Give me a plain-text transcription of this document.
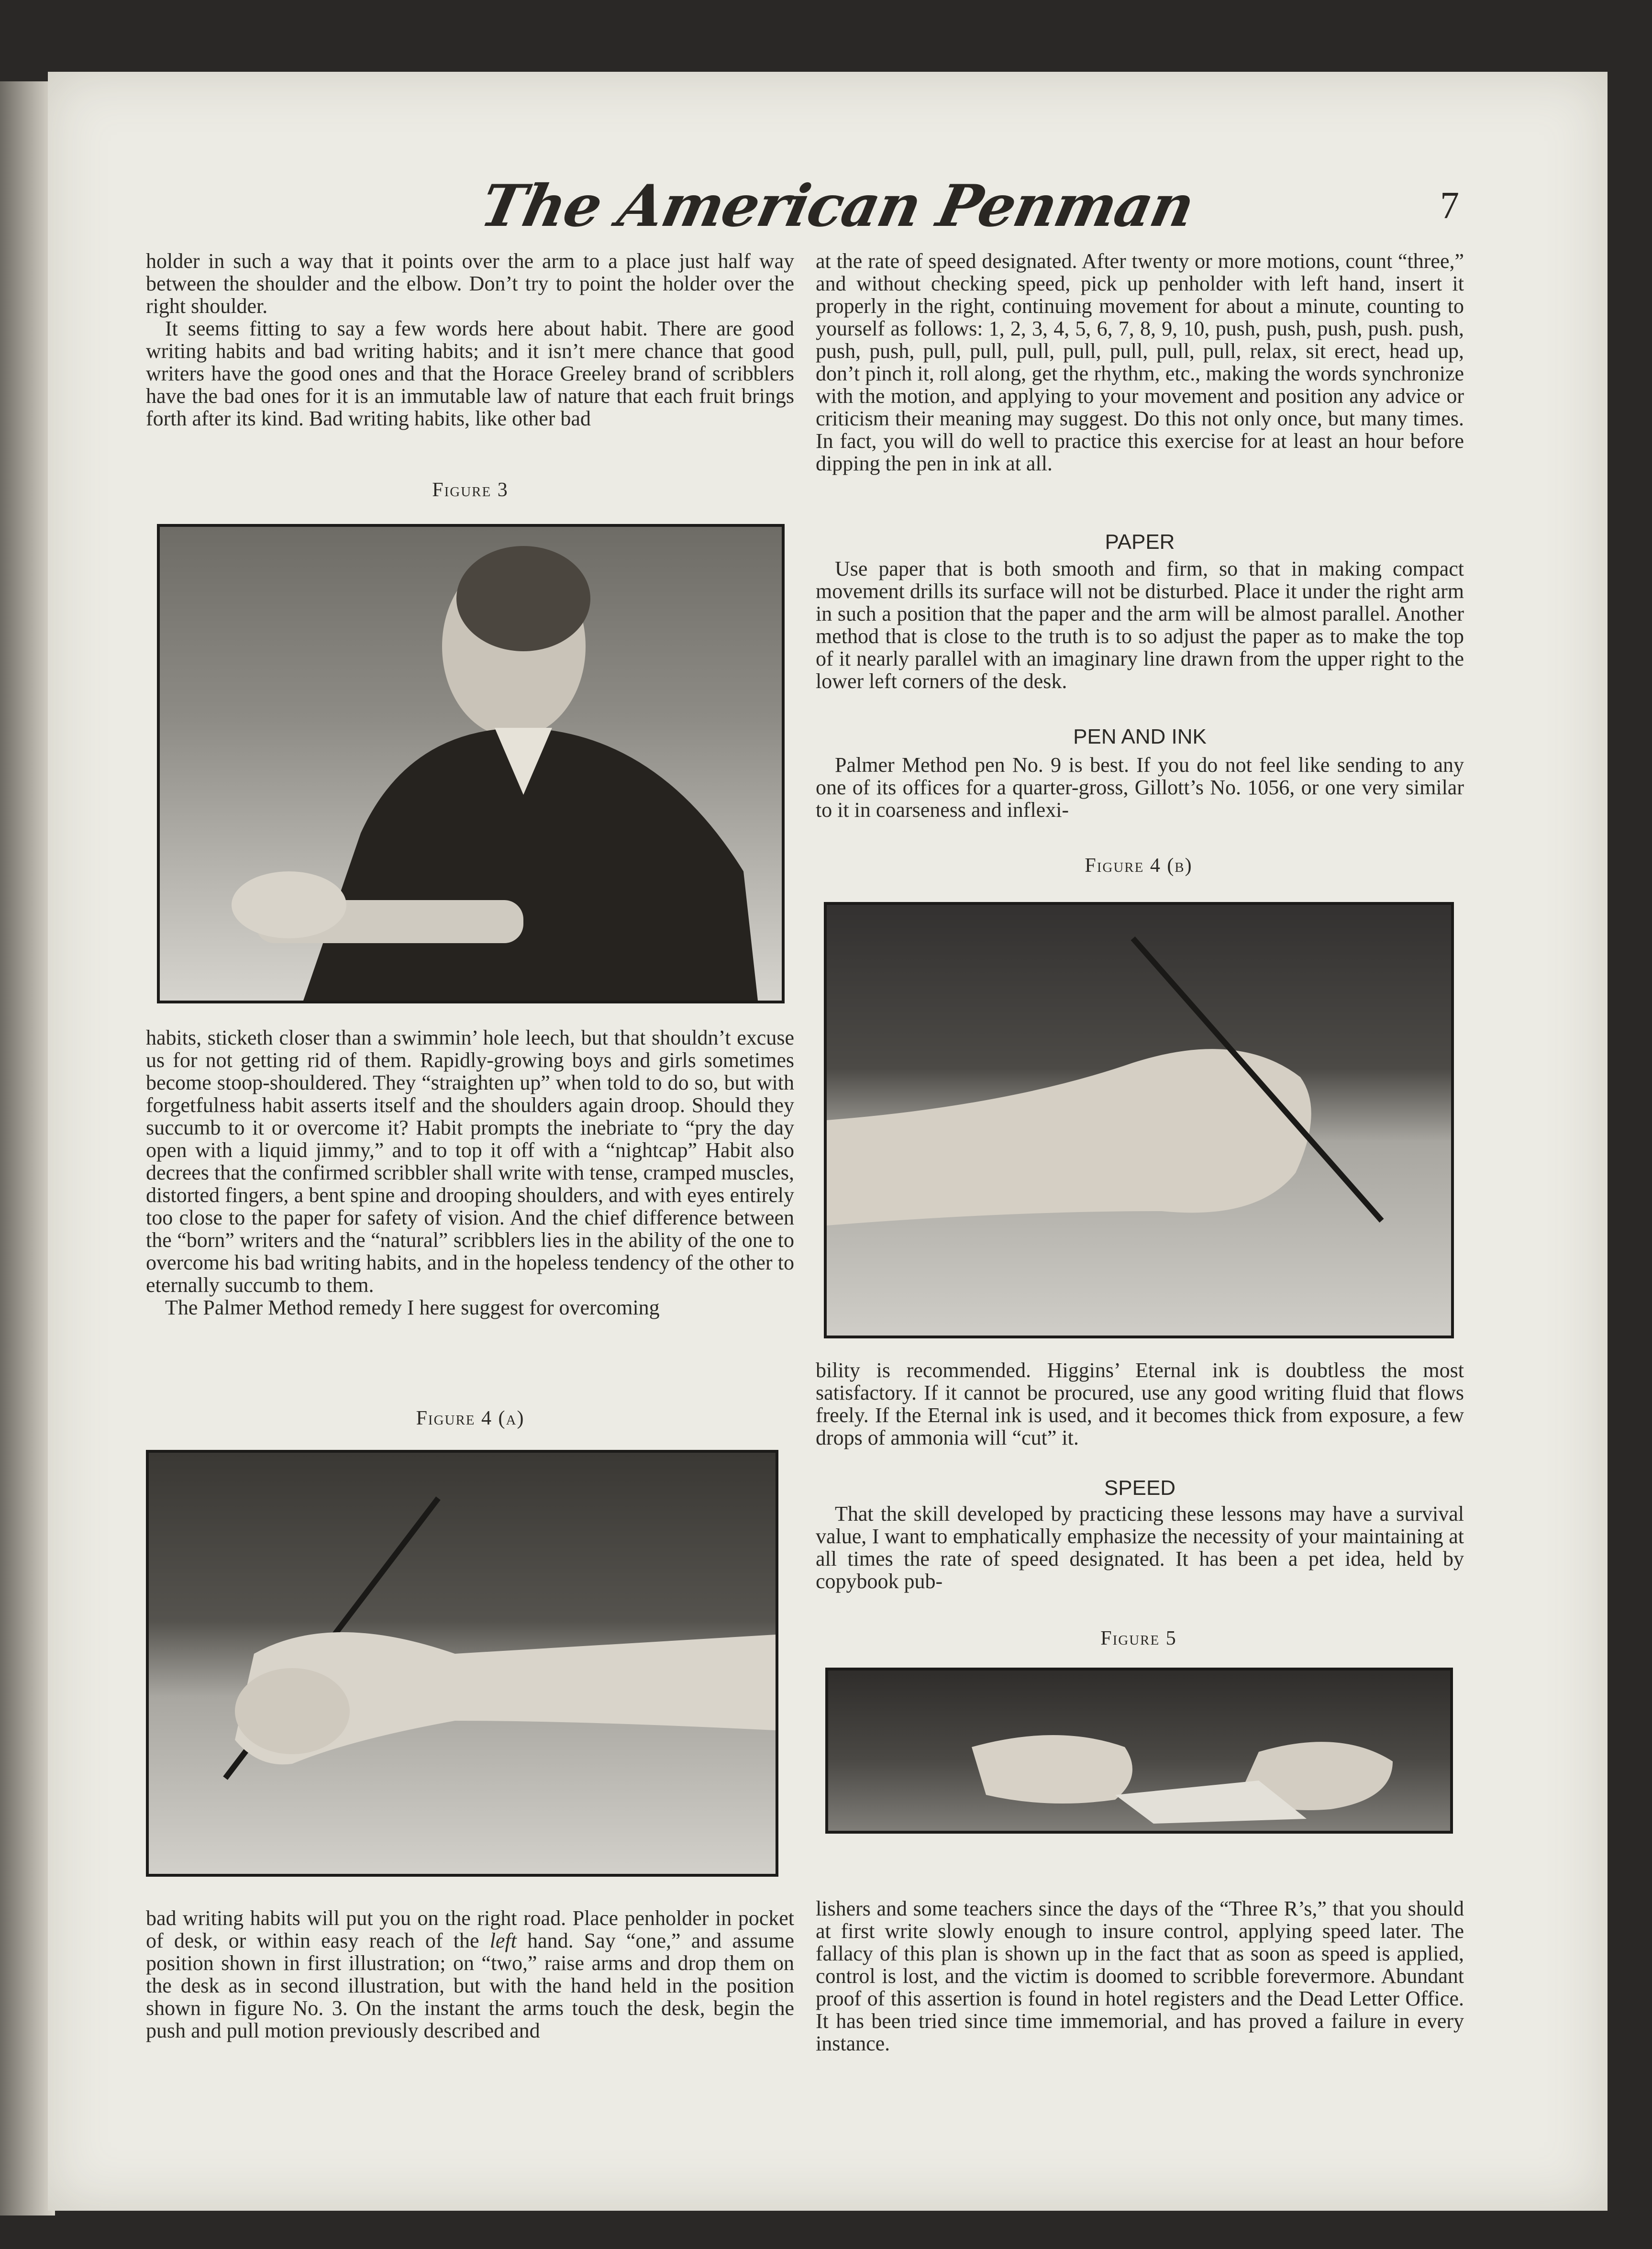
The American Penman	7

holder in such a way that it points over the arm to a place just half way between the shoulder and the elbow. Don’t try to point the holder over the right shoulder.

It seems fitting to say a few words here about habit. There are good writing habits and bad writing habits; and it isn’t mere chance that good writers have the good ones and that the Horace Greeley brand of scribblers have the bad ones for it is an immutable law of nature that each fruit brings forth after its kind. Bad writing habits, like other bad

Figure 3

habits, sticketh closer than a swimmin’ hole leech, but that shouldn’t excuse us for not getting rid of them. Rapidly-growing boys and girls sometimes become stoop-shouldered. They “straighten up” when told to do so, but with forgetfulness habit asserts itself and the shoulders again droop. Should they succumb to it or overcome it? Habit prompts the inebriate to “pry the day open with a liquid jimmy,” and to top it off with a “nightcap” Habit also decrees that the confirmed scribbler shall write with tense, cramped muscles, distorted fingers, a bent spine and drooping shoulders, and with eyes entirely too close to the paper for safety of vision. And the chief difference between the “born” writers and the “natural” scribblers lies in the ability of the one to overcome his bad writing habits, and in the hopeless tendency of the other to eternally succumb to them.

The Palmer Method remedy I here suggest for overcoming

Figure 4 (a)

bad writing habits will put you on the right road. Place penholder in pocket of desk, or within easy reach of the left hand. Say “one,” and assume position shown in first illustration; on “two,” raise arms and drop them on the desk as in second illustration, but with the hand held in the position shown in figure No. 3. On the instant the arms touch the desk, begin the push and pull motion previously described and

at the rate of speed designated. After twenty or more motions, count “three,” and without checking speed, pick up penholder with left hand, insert it properly in the right, continuing movement for about a minute, counting to yourself as follows: 1, 2, 3, 4, 5, 6, 7, 8, 9, 10, push, push, push, push. push, push, push, pull, pull, pull, pull, pull, pull, pull, relax, sit erect, head up, don’t pinch it, roll along, get the rhythm, etc., making the words synchronize with the motion, and applying to your movement and position any advice or criticism their meaning may suggest. Do this not only once, but many times. In fact, you will do well to practice this exercise for at least an hour before dipping the pen in ink at all.

PAPER

Use paper that is both smooth and firm, so that in making compact movement drills its surface will not be disturbed. Place it under the right arm in such a position that the paper and the arm will be almost parallel. Another method that is close to the truth is to so adjust the paper as to make the top of it nearly parallel with an imaginary line drawn from the upper right to the lower left corners of the desk.

PEN AND INK

Palmer Method pen No. 9 is best. If you do not feel like sending to any one of its offices for a quarter-gross, Gillott’s No. 1056, or one very similar to it in coarseness and inflexi-

Figure 4 (b)

bility is recommended. Higgins’ Eternal ink is doubtless the most satisfactory. If it cannot be procured, use any good writing fluid that flows freely. If the Eternal ink is used, and it becomes thick from exposure, a few drops of ammonia will “cut” it.

SPEED

That the skill developed by practicing these lessons may have a survival value, I want to emphatically emphasize the necessity of your maintaining at all times the rate of speed designated. It has been a pet idea, held by copybook pub-

Figure 5

lishers and some teachers since the days of the “Three R’s,” that you should at first write slowly enough to insure control, applying speed later. The fallacy of this plan is shown up in the fact that as soon as speed is applied, control is lost, and the victim is doomed to scribble forevermore. Abundant proof of this assertion is found in hotel registers and the Dead Letter Office. It has been tried since time immemorial, and has proved a failure in every instance.
